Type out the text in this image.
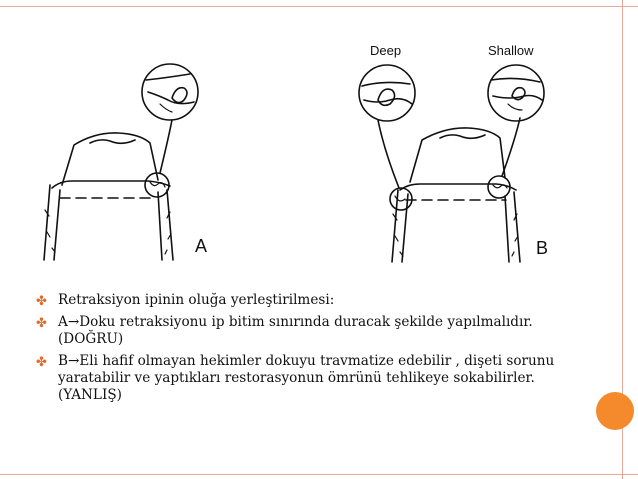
Deep	Shallow
A	B
✤ Retraksiyon ipinin oluğa yerleştirilmesi:
✤ A→Doku retraksiyonu ip bitim sınırında duracak şekilde yapılmalıdır.(DOĞRU)
✤ B→Eli hafif olmayan hekimler dokuyu travmatize edebilir , dişeti sorunu yaratabilir ve yaptıkları restorasyonun ömrünü tehlikeye sokabilirler.(YANLIŞ)
